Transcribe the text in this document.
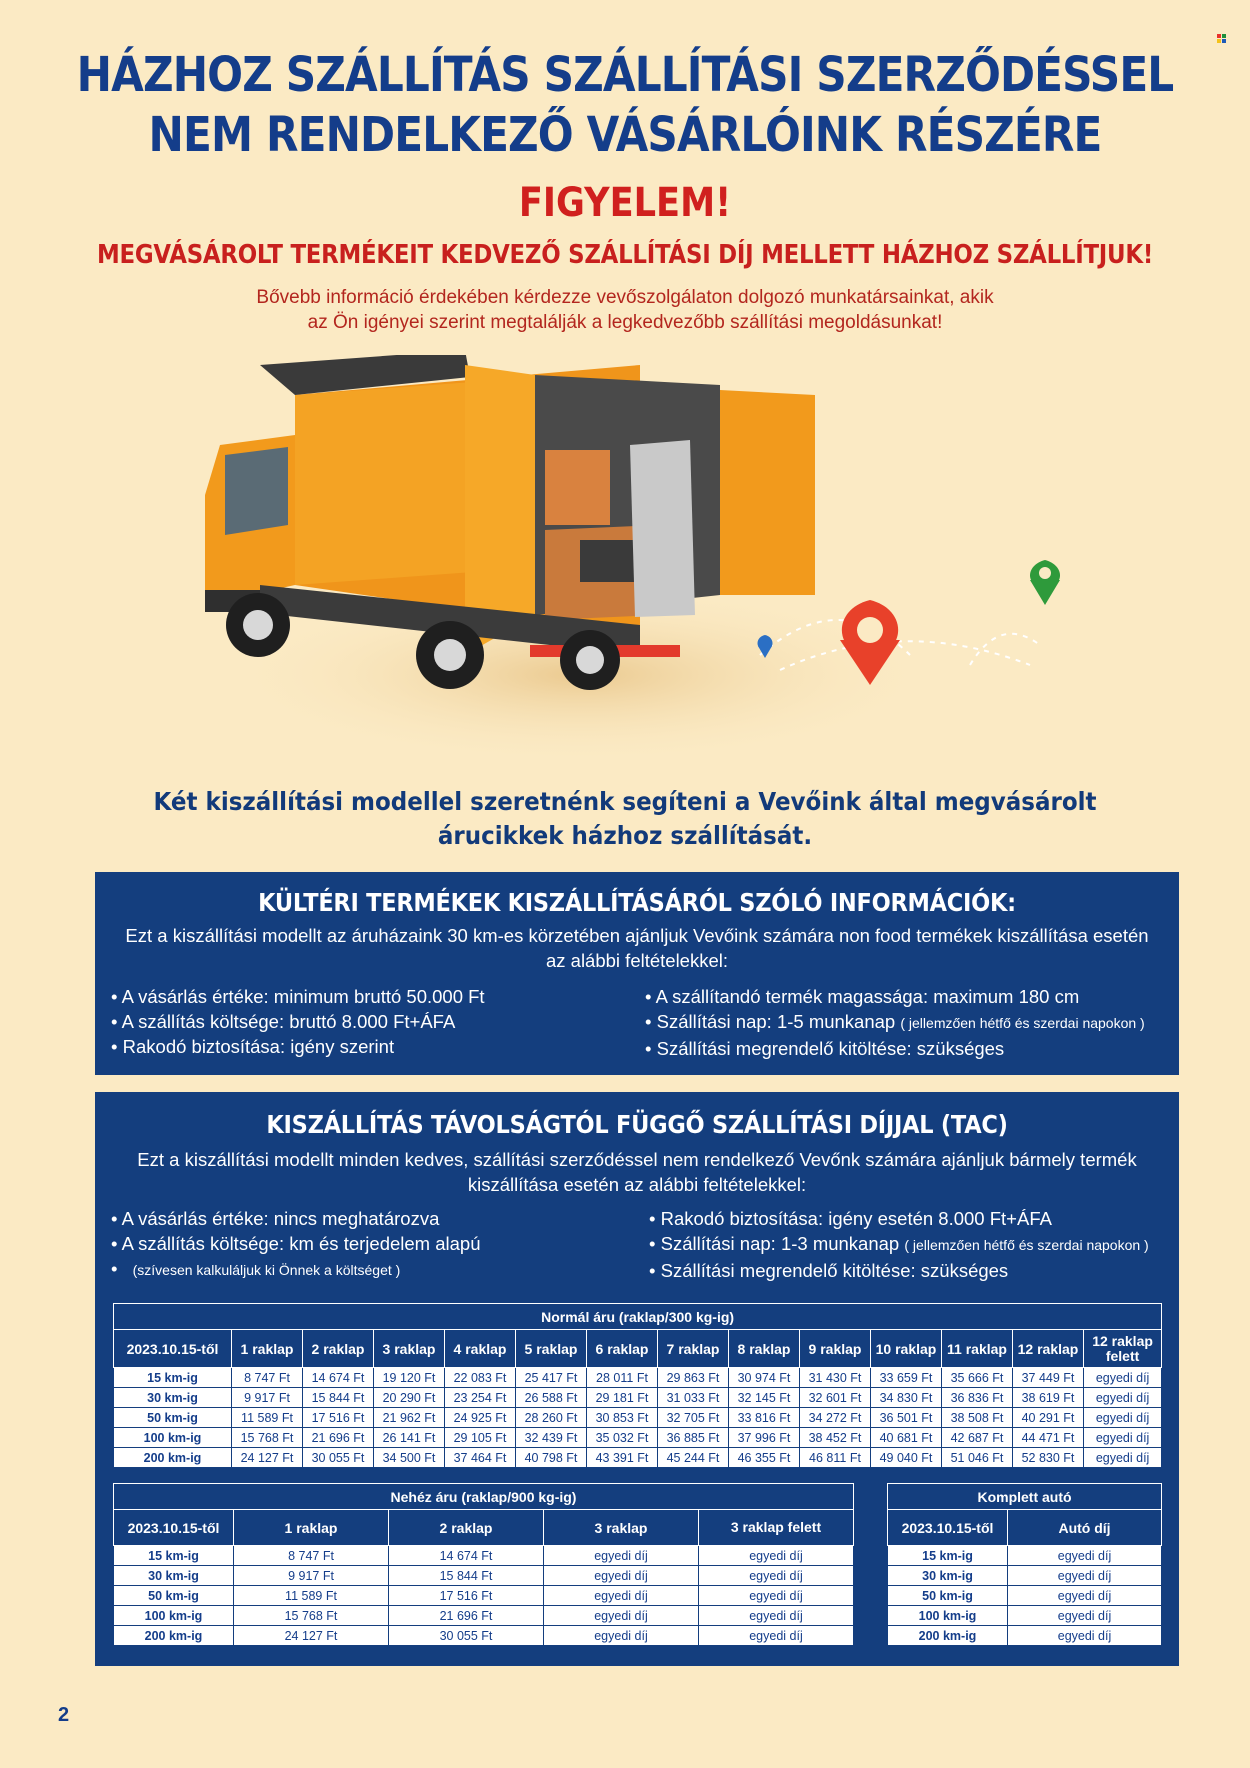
HÁZHOZ SZÁLLÍTÁS SZÁLLÍTÁSI SZERZŐDÉSSEL
NEM RENDELKEZŐ VÁSÁRLÓINK RÉSZÉRE
FIGYELEM!
MEGVÁSÁROLT TERMÉKEIT KEDVEZŐ SZÁLLÍTÁSI DÍJ MELLETT HÁZHOZ SZÁLLÍTJUK!
Bővebb információ érdekében kérdezze vevőszolgálaton dolgozó munkatársainkat, akik
az Ön igényei szerint megtalálják a legkedvezőbb szállítási megoldásunkat!
Két kiszállítási modellel szeretnénk segíteni a Vevőink által megvásárolt
árucikkek házhoz szállítását.
KÜLTÉRI TERMÉKEK KISZÁLLÍTÁSÁRÓL SZÓLÓ INFORMÁCIÓK:
Ezt a kiszállítási modellt az áruházaink 30 km-es körzetében ajánljuk Vevőink számára non food termékek kiszállítása esetén
az alábbi feltételekkel:
• A vásárlás értéke: minimum bruttó 50.000 Ft
• A szállítás költsége: bruttó 8.000 Ft+ÁFA
• Rakodó biztosítása: igény szerint
• A szállítandó termék magassága: maximum 180 cm
• Szállítási nap: 1-5 munkanap ( jellemzően hétfő és szerdai napokon )
• Szállítási megrendelő kitöltése: szükséges
KISZÁLLÍTÁS TÁVOLSÁGTÓL FÜGGŐ SZÁLLÍTÁSI DÍJJAL (TAC)
Ezt a kiszállítási modellt minden kedves, szállítási szerződéssel nem rendelkező Vevőnk számára ajánljuk bármely termék
kiszállítása esetén az alábbi feltételekkel:
• A vásárlás értéke: nincs meghatározva
• A szállítás költsége: km és terjedelem alapú
• (szívesen kalkuláljuk ki Önnek a költséget )
• Rakodó biztosítása: igény esetén 8.000 Ft+ÁFA
• Szállítási nap: 1-3 munkanap ( jellemzően hétfő és szerdai napokon )
• Szállítási megrendelő kitöltése: szükséges
Normál áru (raklap/300 kg-ig)													
2023.10.15-től	1 raklap	2 raklap	3 raklap	4 raklap	5 raklap	6 raklap	7 raklap	8 raklap	9 raklap	10 raklap	11 raklap	12 raklap	12 raklap felett
15 km-ig	8 747 Ft	14 674 Ft	19 120 Ft	22 083 Ft	25 417 Ft	28 011 Ft	29 863 Ft	30 974 Ft	31 430 Ft	33 659 Ft	35 666 Ft	37 449 Ft	egyedi díj
30 km-ig	9 917 Ft	15 844 Ft	20 290 Ft	23 254 Ft	26 588 Ft	29 181 Ft	31 033 Ft	32 145 Ft	32 601 Ft	34 830 Ft	36 836 Ft	38 619 Ft	egyedi díj
50 km-ig	11 589 Ft	17 516 Ft	21 962 Ft	24 925 Ft	28 260 Ft	30 853 Ft	32 705 Ft	33 816 Ft	34 272 Ft	36 501 Ft	38 508 Ft	40 291 Ft	egyedi díj
100 km-ig	15 768 Ft	21 696 Ft	26 141 Ft	29 105 Ft	32 439 Ft	35 032 Ft	36 885 Ft	37 996 Ft	38 452 Ft	40 681 Ft	42 687 Ft	44 471 Ft	egyedi díj
200 km-ig	24 127 Ft	30 055 Ft	34 500 Ft	37 464 Ft	40 798 Ft	43 391 Ft	45 244 Ft	46 355 Ft	46 811 Ft	49 040 Ft	51 046 Ft	52 830 Ft	egyedi díj
Nehéz áru (raklap/900 kg-ig)				
2023.10.15-től	1 raklap	2 raklap	3 raklap	3 raklap felett
15 km-ig	8 747 Ft	14 674 Ft	egyedi díj	egyedi díj
30 km-ig	9 917 Ft	15 844 Ft	egyedi díj	egyedi díj
50 km-ig	11 589 Ft	17 516 Ft	egyedi díj	egyedi díj
100 km-ig	15 768 Ft	21 696 Ft	egyedi díj	egyedi díj
200 km-ig	24 127 Ft	30 055 Ft	egyedi díj	egyedi díj
Komplett autó	
2023.10.15-től	Autó díj
15 km-ig	egyedi díj
30 km-ig	egyedi díj
50 km-ig	egyedi díj
100 km-ig	egyedi díj
200 km-ig	egyedi díj
2
